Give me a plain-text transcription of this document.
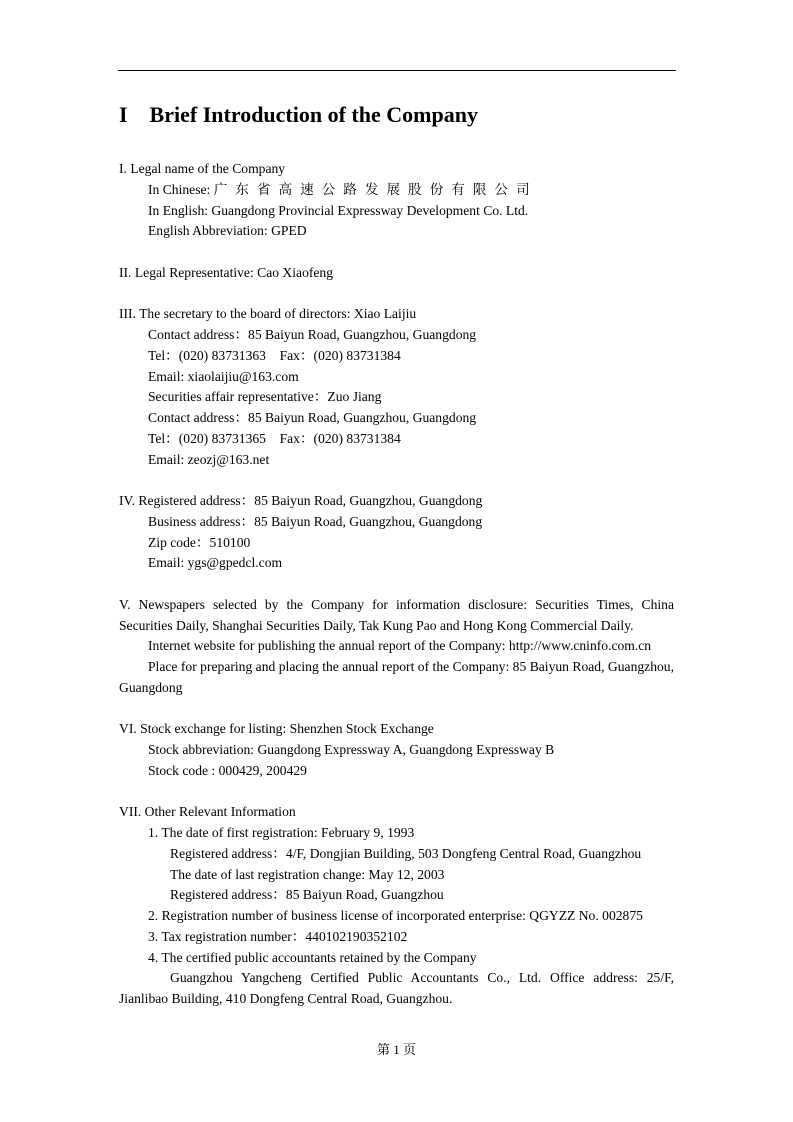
I    Brief Introduction of the Company
I. Legal name of the Company
In Chinese: 广东省高速公路发展股份有限公司
In English: Guangdong Provincial Expressway Development Co. Ltd.
English Abbreviation: GPED
II. Legal Representative: Cao Xiaofeng
III. The secretary to the board of directors: Xiao Laijiu
Contact address：85 Baiyun Road, Guangzhou, Guangdong
Tel：(020) 83731363    Fax：(020) 83731384
Email: xiaolaijiu@163.com
Securities affair representative：Zuo Jiang
Contact address：85 Baiyun Road, Guangzhou, Guangdong
Tel：(020) 83731365    Fax：(020) 83731384
Email: zeozj@163.net
IV. Registered address：85 Baiyun Road, Guangzhou, Guangdong
Business address：85 Baiyun Road, Guangzhou, Guangdong
Zip code：510100
Email: ygs@gpedcl.com
V. Newspapers selected by the Company for information disclosure: Securities Times, China Securities Daily, Shanghai Securities Daily, Tak Kung Pao and Hong Kong Commercial Daily.
Internet website for publishing the annual report of the Company: http://www.cninfo.com.cn
Place for preparing and placing the annual report of the Company: 85 Baiyun Road, Guangzhou, Guangdong
VI. Stock exchange for listing: Shenzhen Stock Exchange
Stock abbreviation: Guangdong Expressway A, Guangdong Expressway B
Stock code : 000429, 200429
VII. Other Relevant Information
1. The date of first registration: February 9, 1993
Registered address：4/F, Dongjian Building, 503 Dongfeng Central Road, Guangzhou
The date of last registration change: May 12, 2003
Registered address：85 Baiyun Road, Guangzhou
2. Registration number of business license of incorporated enterprise: QGYZZ No. 002875
3. Tax registration number：440102190352102
4. The certified public accountants retained by the Company
Guangzhou Yangcheng Certified Public Accountants Co., Ltd. Office address: 25/F, Jianlibao Building, 410 Dongfeng Central Road, Guangzhou.
第 1 页
